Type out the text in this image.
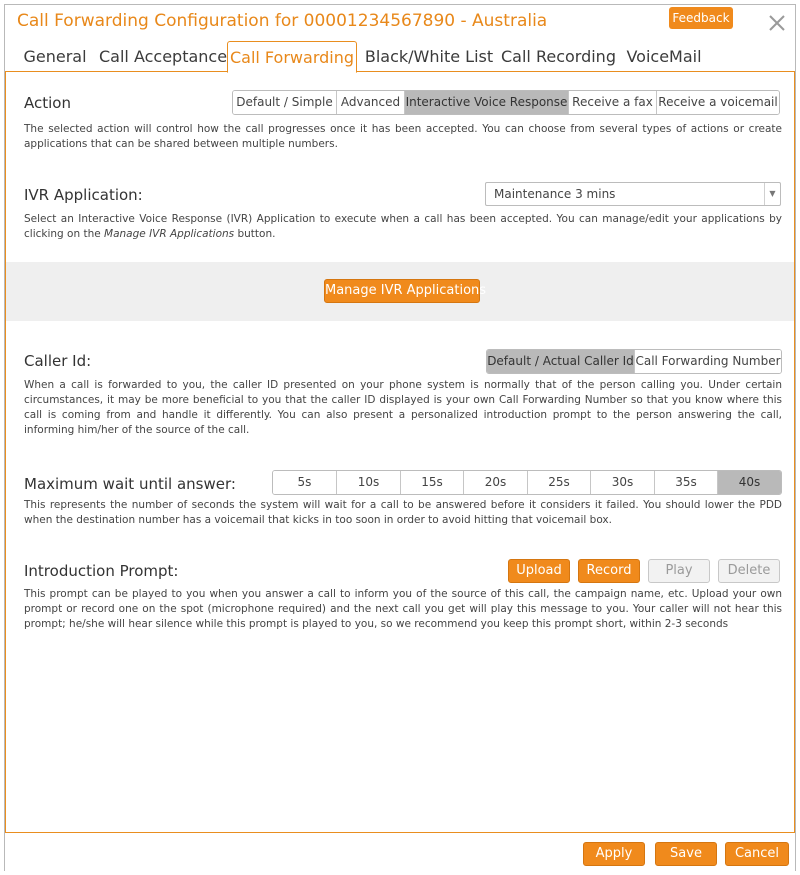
Call Forwarding Configuration for 00001234567890 - Australia	Feedback
General Call Acceptance Call Forwarding Black/White List Call Recording VoiceMail
Action	Default / Simple Advanced Interactive Voice Response Receive a fax Receive a voicemail
The selected action will control how the call progresses once it has been accepted. You can choose from several types of actions or create applications that can be shared between multiple numbers.
IVR Application:	Maintenance 3 mins	▼
Select an Interactive Voice Response (IVR) Application to execute when a call has been accepted. You can manage/edit your applications by clicking on the Manage IVR Applications button.
Manage IVR Applications
Caller Id:	Default / Actual Caller Id Call Forwarding Number
When a call is forwarded to you, the caller ID presented on your phone system is normally that of the person calling you. Under certain circumstances, it may be more beneficial to you that the caller ID displayed is your own Call Forwarding Number so that you know where this call is coming from and handle it differently. You can also present a personalized introduction prompt to the person answering the call, informing him/her of the source of the call.
Maximum wait until answer:	5s	10s	15s	20s	25s	30s	35s	40s
This represents the number of seconds the system will wait for a call to be answered before it considers it failed. You should lower the PDD when the destination number has a voicemail that kicks in too soon in order to avoid hitting that voicemail box.
Introduction Prompt:	Upload	Record	Play	Delete
This prompt can be played to you when you answer a call to inform you of the source of this call, the campaign name, etc. Upload your own prompt or record one on the spot (microphone required) and the next call you get will play this message to you. Your caller will not hear this prompt; he/she will hear silence while this prompt is played to you, so we recommend you keep this prompt short, within 2-3 seconds
Apply	Save	Cancel
